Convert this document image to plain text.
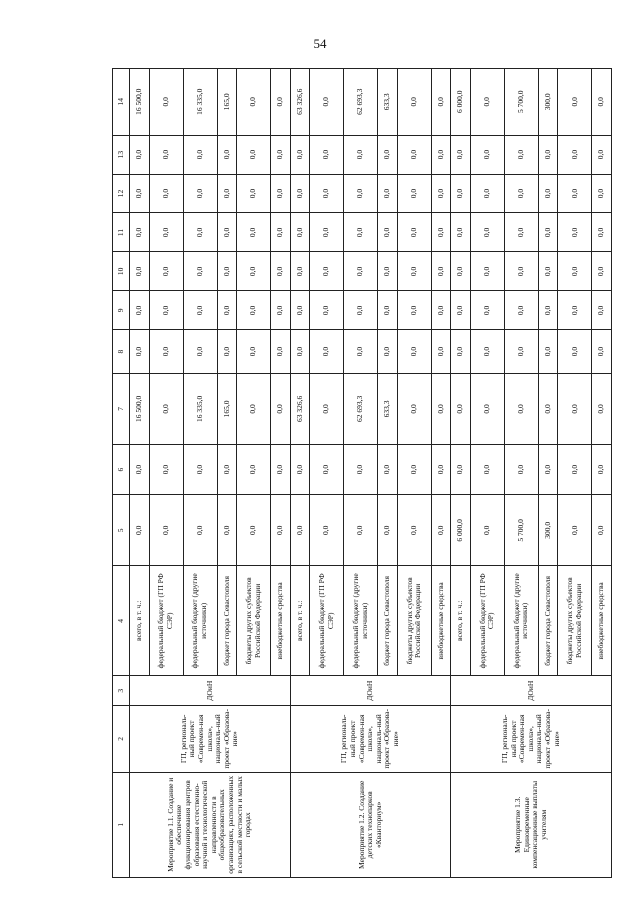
54
1	2	3	4	5	6	7	8	9	10	11	12	13	14
Мероприятие 1.1. Создание и обеспечение функционирования центров образования естественно-научной и технологической направленности в общеобразовательных организациях, расположенных в сельской местности и малых городах	ГП, региональ-ный проект «Современ-ная школа», националь-ный проект «Образова-ние»	ДОиН	всего, в т. ч.:	0,0	0,0	16 500,0	0,0	0,0	0,0	0,0	0,0	0,0	16 500,0
			федеральный бюджет (ГП РФ СЭР)	0,0	0,0	0,0	0,0	0,0	0,0	0,0	0,0	0,0	0,0
			федеральный бюджет (другие источники)	0,0	0,0	16 335,0	0,0	0,0	0,0	0,0	0,0	0,0	16 335,0
			бюджет города Севастополя	0,0	0,0	165,0	0,0	0,0	0,0	0,0	0,0	0,0	165,0
			бюджеты других субъектов Российской Федерации	0,0	0,0	0,0	0,0	0,0	0,0	0,0	0,0	0,0	0,0
			внебюджетные средства	0,0	0,0	0,0	0,0	0,0	0,0	0,0	0,0	0,0	0,0
Мероприятие 1.2. Создание детских технопарков «Кванториум»	ГП, региональ-ный проект «Современ-ная школа», националь-ный проект «Образова-ние»	ДОиН	всего, в т. ч.:	0,0	0,0	63 326,6	0,0	0,0	0,0	0,0	0,0	0,0	63 326,6
			федеральный бюджет (ГП РФ СЭР)	0,0	0,0	0,0	0,0	0,0	0,0	0,0	0,0	0,0	0,0
			федеральный бюджет (другие источники)	0,0	0,0	62 693,3	0,0	0,0	0,0	0,0	0,0	0,0	62 693,3
			бюджет города Севастополя	0,0	0,0	633,3	0,0	0,0	0,0	0,0	0,0	0,0	633,3
			бюджеты других субъектов Российской Федерации	0,0	0,0	0,0	0,0	0,0	0,0	0,0	0,0	0,0	0,0
			внебюджетные средства	0,0	0,0	0,0	0,0	0,0	0,0	0,0	0,0	0,0	0,0
Мероприятие 1.3. Единовременные компенсационные выплаты учителям	ГП, региональ-ный проект «Современ-ная школа», националь-ный проект «Образова-ние»	ДОиН	всего, в т. ч.:	6 000,0	0,0	0,0	0,0	0,0	0,0	0,0	0,0	0,0	6 000,0
			федеральный бюджет (ГП РФ СЭР)	0,0	0,0	0,0	0,0	0,0	0,0	0,0	0,0	0,0	0,0
			федеральный бюджет (другие источники)	5 700,0	0,0	0,0	0,0	0,0	0,0	0,0	0,0	0,0	5 700,0
			бюджет города Севастополя	300,0	0,0	0,0	0,0	0,0	0,0	0,0	0,0	0,0	300,0
			бюджеты других субъектов Российской Федерации	0,0	0,0	0,0	0,0	0,0	0,0	0,0	0,0	0,0	0,0
			внебюджетные средства	0,0	0,0	0,0	0,0	0,0	0,0	0,0	0,0	0,0	0,0
